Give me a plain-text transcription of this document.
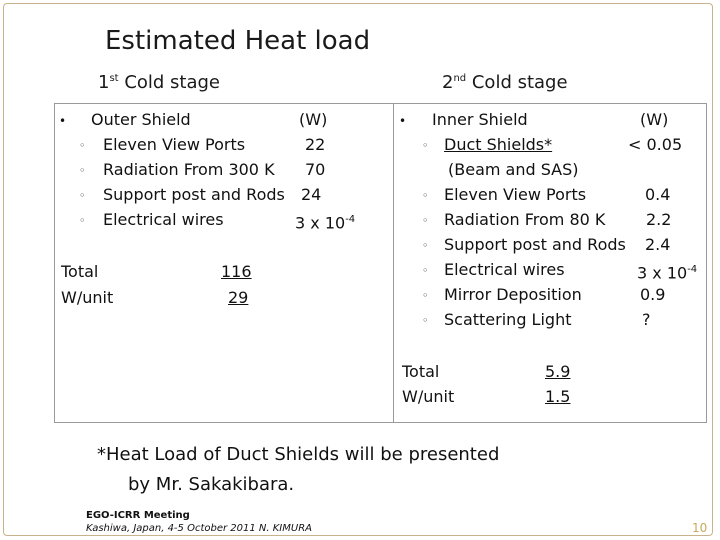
Estimated Heat load
1st Cold stage	2nd Cold stage
• Outer Shield	(W)
◦ Eleven View Ports	22
◦ Radiation From 300 K 70
◦ Support post and Rods 24
◦ Electrical wires	3 x $10^{-4}$
Total	116
W/unit	29
• Inner Shield	(W)
◦ Duct Shields*	< 0.05
(Beam and SAS)
◦ Eleven View Ports	0.4
◦ Radiation From 80 K	2.2
◦ Support post and Rods 2.4
◦ Electrical wires	3 x $10^{-4}$
◦ Mirror Deposition	0.9
◦ Scattering Light	?
Total	5.9
W/unit	1.5
*Heat Load of Duct Shields will be presented
by Mr. Sakakibara.
EGO-ICRR Meeting
Kashiwa, Japan, 4-5 October 2011 N. KIMURA	10
